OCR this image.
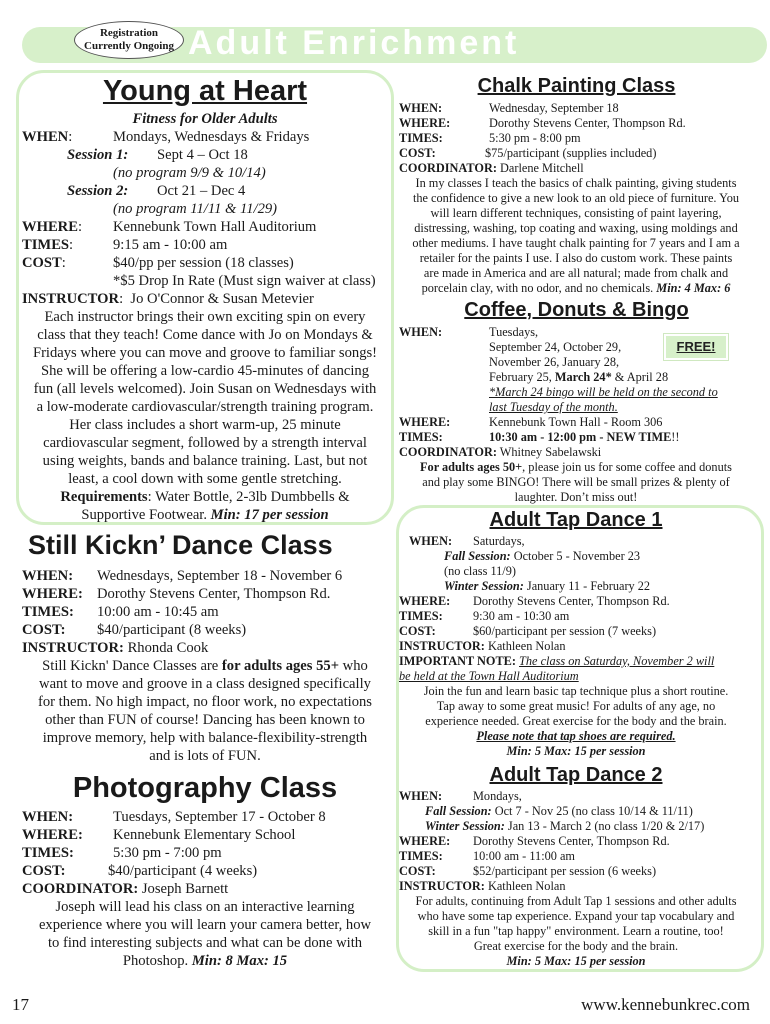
Adult Enrichment
Registration
Currently Ongoing
Young at Heart
Fitness for Older Adults
WHEN:	Mondays, Wednesdays & Fridays
Session 1: Sept 4 – Oct 18
(no program 9/9 & 10/14)
Session 2: Oct 21 – Dec 4
(no program 11/11 & 11/29)
WHERE: Kennebunk Town Hall Auditorium
TIMES:	9:15 am - 10:00 am
COST:	$40/pp per session (18 classes)
*$5 Drop In Rate (Must sign waiver at class)
INSTRUCTOR:  Jo O'Connor & Susan Metevier
Each instructor brings their own exciting spin on every
class that they teach! Come dance with Jo on Mondays &
Fridays where you can move and groove to familiar songs!
She will be offering a low-cardio 45-minutes of dancing
fun (all levels welcomed). Join Susan on Wednesdays with
a low-moderate cardiovascular/strength training program.
Her class includes a short warm-up, 25 minute
cardiovascular segment, followed by a strength interval
using weights, bands and balance training. Last, but not
least, a cool down with some gentle stretching.
Requirements: Water Bottle, 2-3lb Dumbbells &
Supportive Footwear. Min: 17 per session
Still Kickn’ Dance Class
WHEN: Wednesdays, September 18 - November 6
WHERE: Dorothy Stevens Center, Thompson Rd.
TIMES: 10:00 am - 10:45 am
COST: $40/participant (8 weeks)
INSTRUCTOR: Rhonda Cook
Still Kickn' Dance Classes are for adults ages 55+ who
want to move and groove in a class designed specifically
for them. No high impact, no floor work, no expectations
other than FUN of course! Dancing has been known to
improve memory, help with balance-flexibility-strength
and is lots of FUN.
Photography Class
WHEN:	Tuesdays, September 17 - October 8
WHERE: Kennebunk Elementary School
TIMES:	5:30 pm - 7:00 pm
COST:	$40/participant (4 weeks)
COORDINATOR: Joseph Barnett
Joseph will lead his class on an interactive learning
experience where you will learn your camera better, how
to find interesting subjects and what can be done with
Photoshop. Min: 8 Max: 15
Chalk Painting Class
WHEN:	Wednesday, September 18
WHERE:	Dorothy Stevens Center, Thompson Rd.
TIMES:	5:30 pm - 8:00 pm
COST:	$75/participant (supplies included)
COORDINATOR: Darlene Mitchell
In my classes I teach the basics of chalk painting, giving students
the confidence to give a new look to an old piece of furniture. You
will learn different techniques, consisting of paint layering,
distressing, washing, top coating and waxing, using moldings and
other mediums. I have taught chalk painting for 7 years and I am a
retailer for the paints I use. I also do custom work. These paints
are made in America and are all natural; made from chalk and
porcelain clay, with no odor, and no chemicals. Min: 4 Max: 6
Coffee, Donuts & Bingo
FREE!
WHEN:	Tuesdays,
September 24, October 29,
November 26, January 28,
February 25, March 24* & April 28
*March 24 bingo will be held on the second to
last Tuesday of the month.
WHERE:	Kennebunk Town Hall - Room 306
TIMES:	10:30 am - 12:00 pm - NEW TIME!!
COORDINATOR: Whitney Sabelawski
For adults ages 50+, please join us for some coffee and donuts
and play some BINGO! There will be small prizes & plenty of
laughter. Don’t miss out!
Adult Tap Dance 1
WHEN: Saturdays,
Fall Session: October 5 - November 23
(no class 11/9)
Winter Session: January 11 - February 22
WHERE: Dorothy Stevens Center, Thompson Rd.
TIMES: 9:30 am - 10:30 am
COST:	$60/participant per session (7 weeks)
INSTRUCTOR: Kathleen Nolan
IMPORTANT NOTE: The class on Saturday, November 2 will
be held at the Town Hall Auditorium
Join the fun and learn basic tap technique plus a short routine.
Tap away to some great music! For adults of any age, no
experience needed. Great exercise for the body and the brain.
Please note that tap shoes are required.
Min: 5 Max: 15 per session
Adult Tap Dance 2
WHEN:	Mondays,
Fall Session: Oct 7 - Nov 25 (no class 10/14 & 11/11)
Winter Session: Jan 13 - March 2 (no class 1/20 & 2/17)
WHERE: Dorothy Stevens Center, Thompson Rd.
TIMES: 10:00 am - 11:00 am
COST:	$52/participant per session (6 weeks)
INSTRUCTOR: Kathleen Nolan
For adults, continuing from Adult Tap 1 sessions and other adults
who have some tap experience. Expand your tap vocabulary and
skill in a fun "tap happy" environment. Learn a routine, too!
Great exercise for the body and the brain.
Min: 5 Max: 15 per session
17	www.kennebunkrec.com
